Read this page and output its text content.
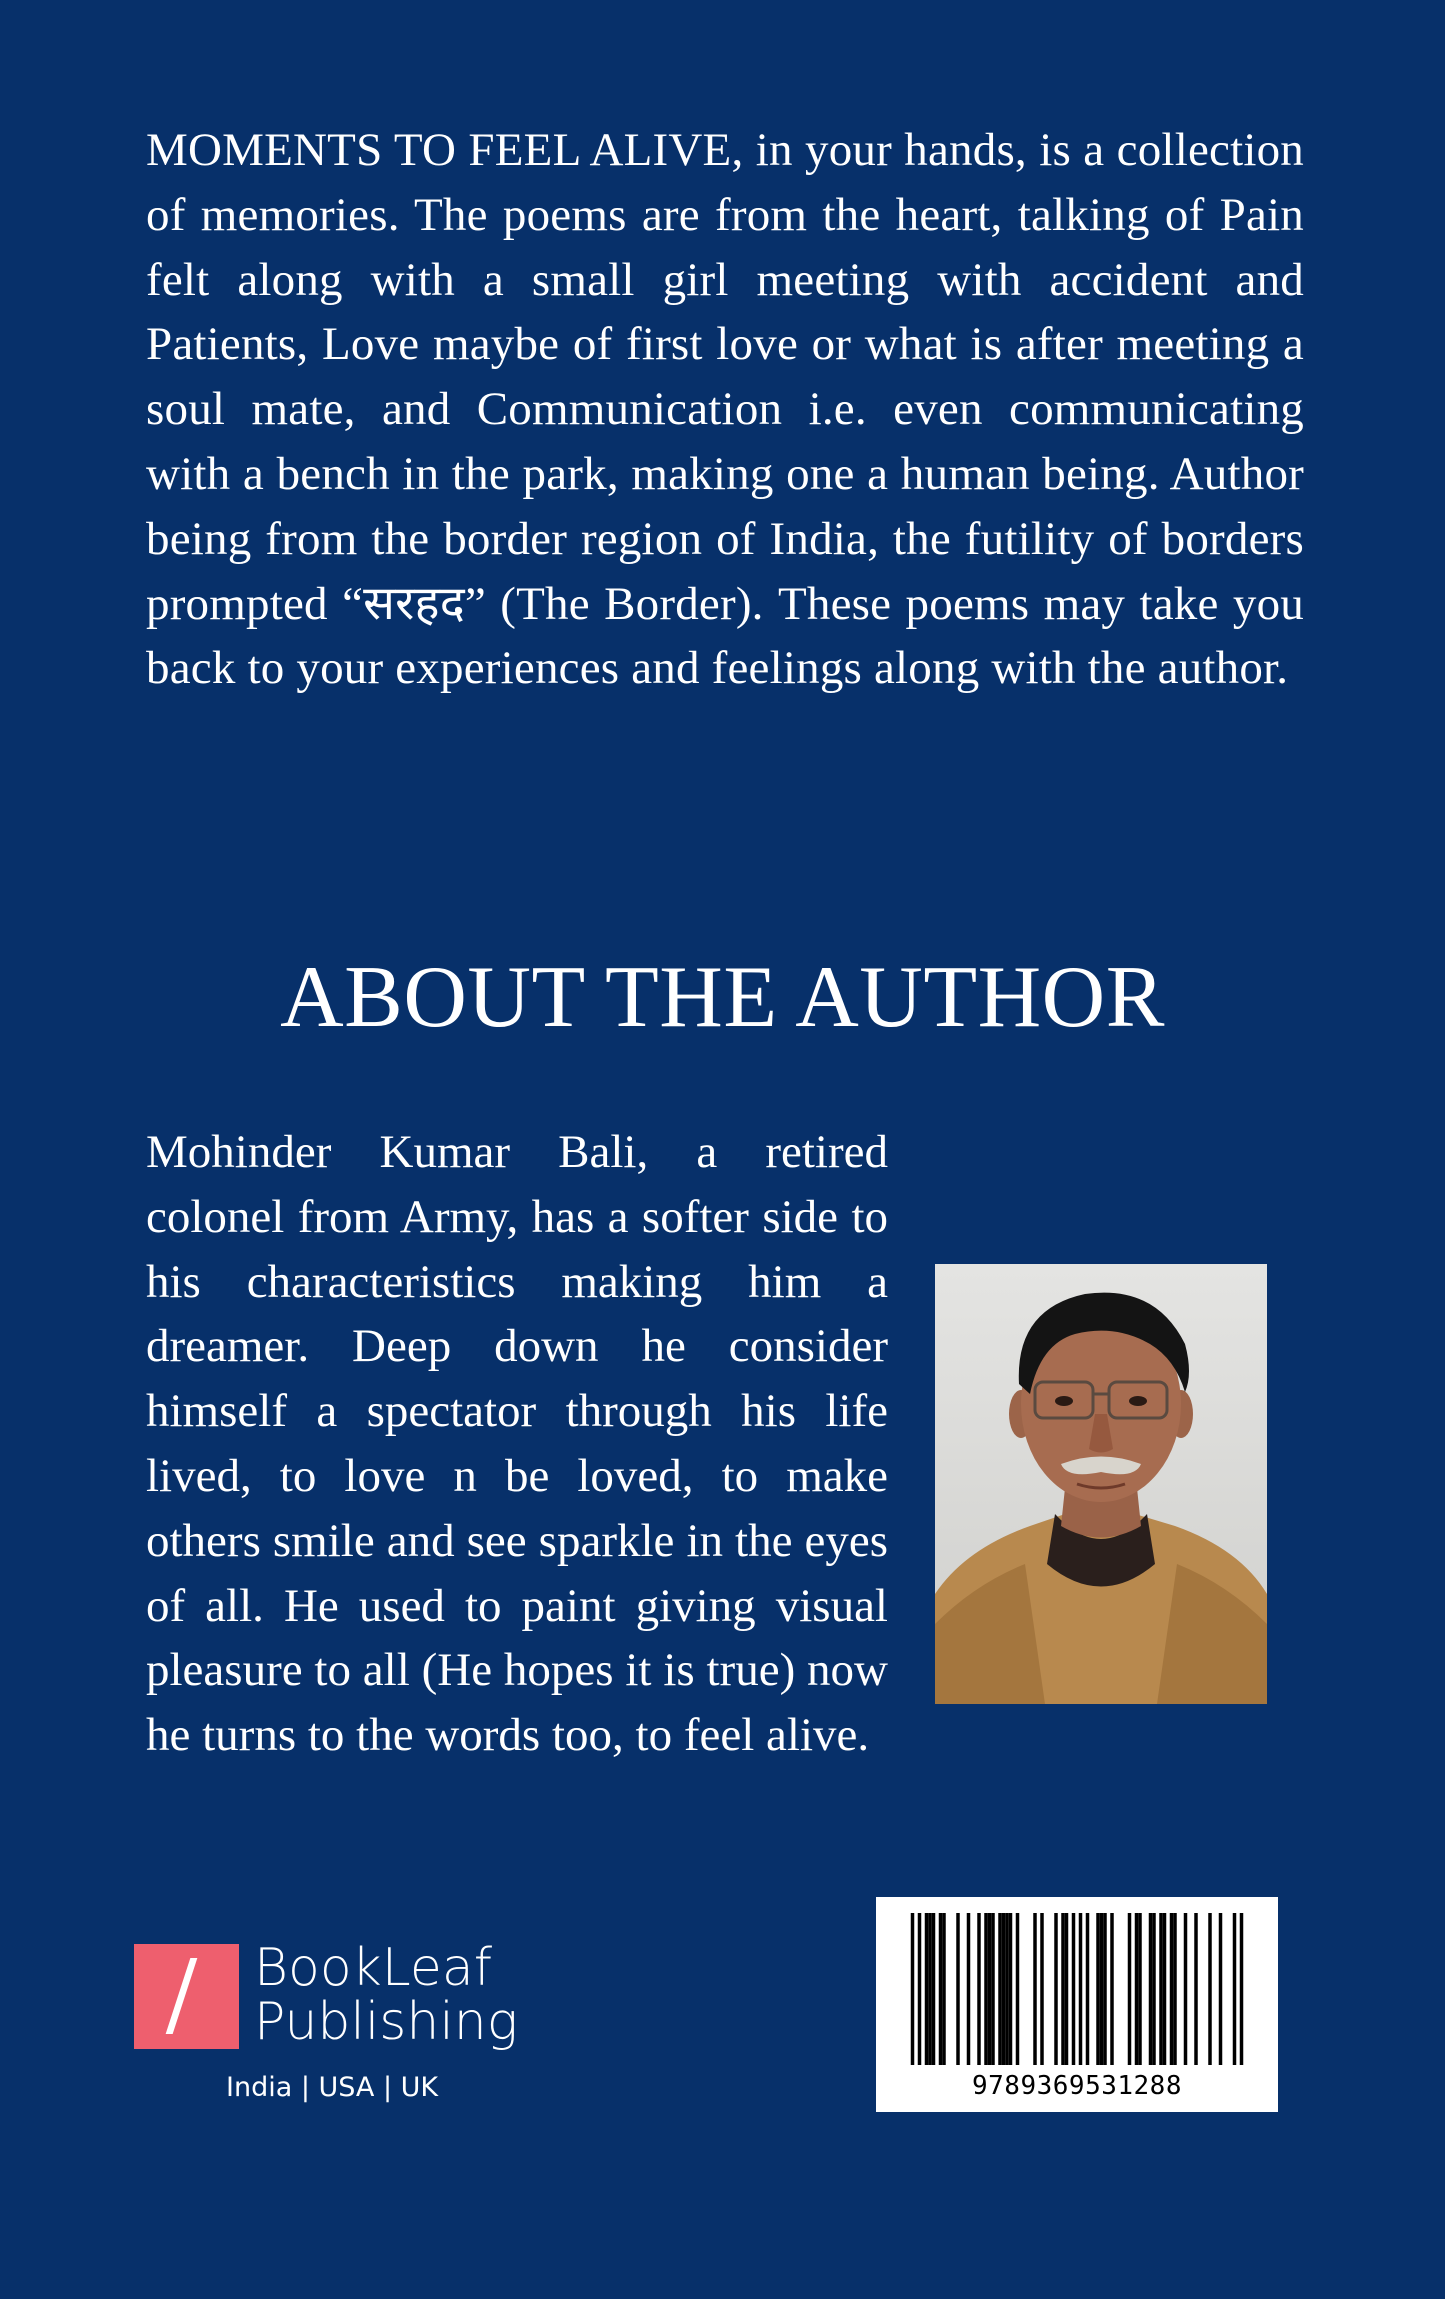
MOMENTS TO FEEL ALIVE, in your hands, is a collection of memories. The poems are from the heart, talking of Pain felt along with a small girl meeting with accident and Patients, Love maybe of first love or what is after meeting a soul mate, and Communication i.e. even communicating with a bench in the park, making one a human being. Author being from the border region of India, the futility of borders prompted “सरहद” (The Border). These poems may take you back to your experiences and feelings along with the author.

ABOUT THE AUTHOR

Mohinder Kumar Bali, a retired colonel from Army, has a softer side to his characteristics making him a dreamer. Deep down he consider himself a spectator through his life lived, to love n be loved, to make others smile and see sparkle in the eyes of all. He used to paint giving visual pleasure to all (He hopes it is true) now he turns to the words too, to feel alive.

BookLeaf
Publishing
India | USA | UK	9789369531288
